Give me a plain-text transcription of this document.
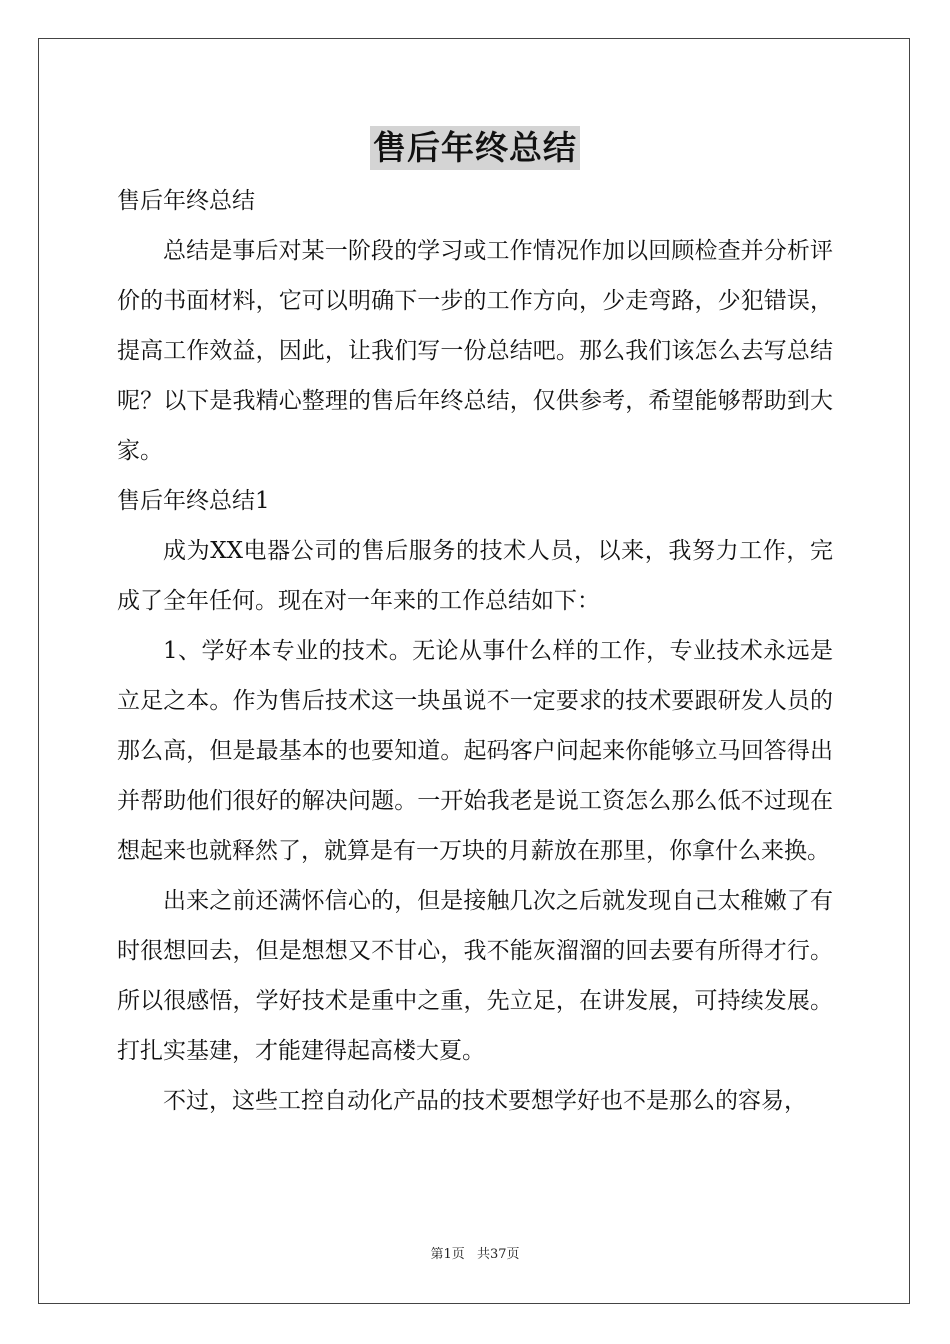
售后年终总结

售后年终总结

总结是事后对某一阶段的学习或工作情况作加以回顾检查并分析评价的书面材料，它可以明确下一步的工作方向，少走弯路，少犯错误，提高工作效益，因此，让我们写一份总结吧。那么我们该怎么去写总结呢？以下是我精心整理的售后年终总结，仅供参考，希望能够帮助到大家。

售后年终总结1

成为XX电器公司的售后服务的技术人员，以来，我努力工作，完成了全年任何。现在对一年来的工作总结如下：

1、学好本专业的技术。无论从事什么样的工作，专业技术永远是立足之本。作为售后技术这一块虽说不一定要求的技术要跟研发人员的那么高，但是最基本的也要知道。起码客户问起来你能够立马回答得出并帮助他们很好的解决问题。一开始我老是说工资怎么那么低不过现在想起来也就释然了，就算是有一万块的月薪放在那里，你拿什么来换。

出来之前还满怀信心的，但是接触几次之后就发现自己太稚嫩了有时很想回去，但是想想又不甘心，我不能灰溜溜的回去要有所得才行。所以很感悟，学好技术是重中之重，先立足，在讲发展，可持续发展。打扎实基建，才能建得起高楼大夏。

不过，这些工控自动化产品的技术要想学好也不是那么的容易，

第1页 共37页
